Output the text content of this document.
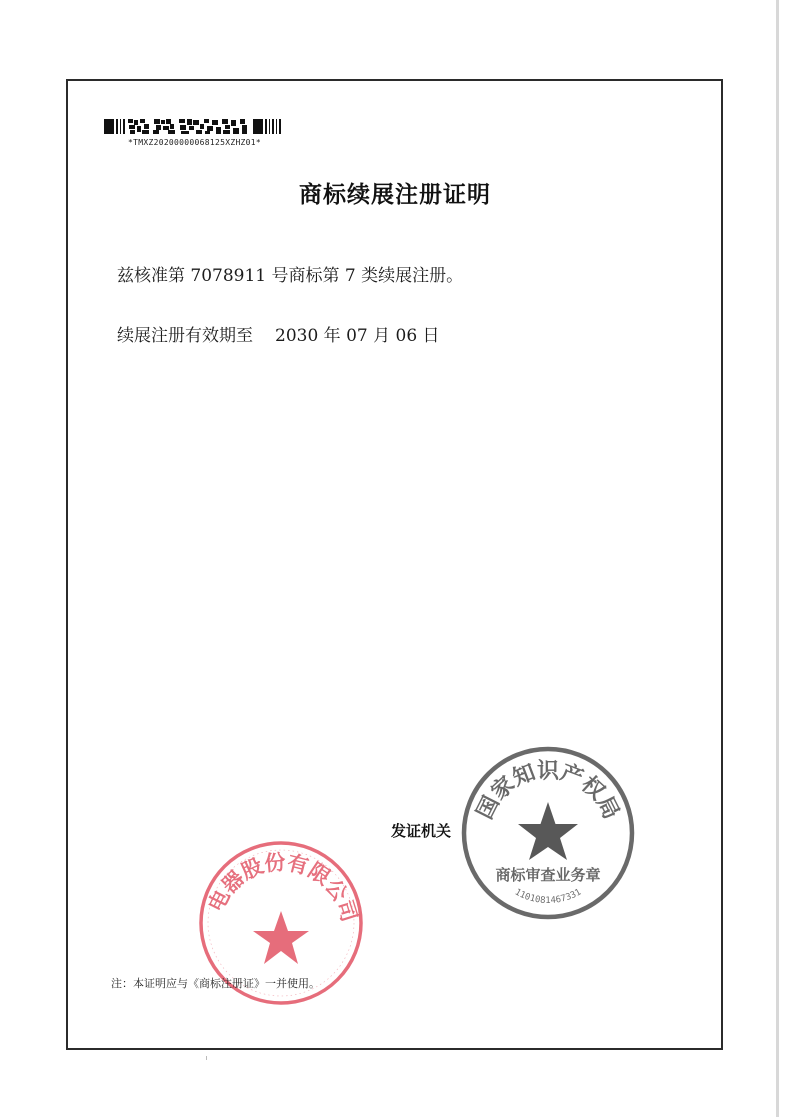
*TMXZ20200000068125XZHZ01*
商标续展注册证明
兹核准第 7078911 号商标第 7 类续展注册。
续展注册有效期至 2030 年 07 月 06 日
发证机关
国家知识产权局
商标审查业务章
1101081467331
电器股份有限公司
注：本证明应与《商标注册证》一并使用。
